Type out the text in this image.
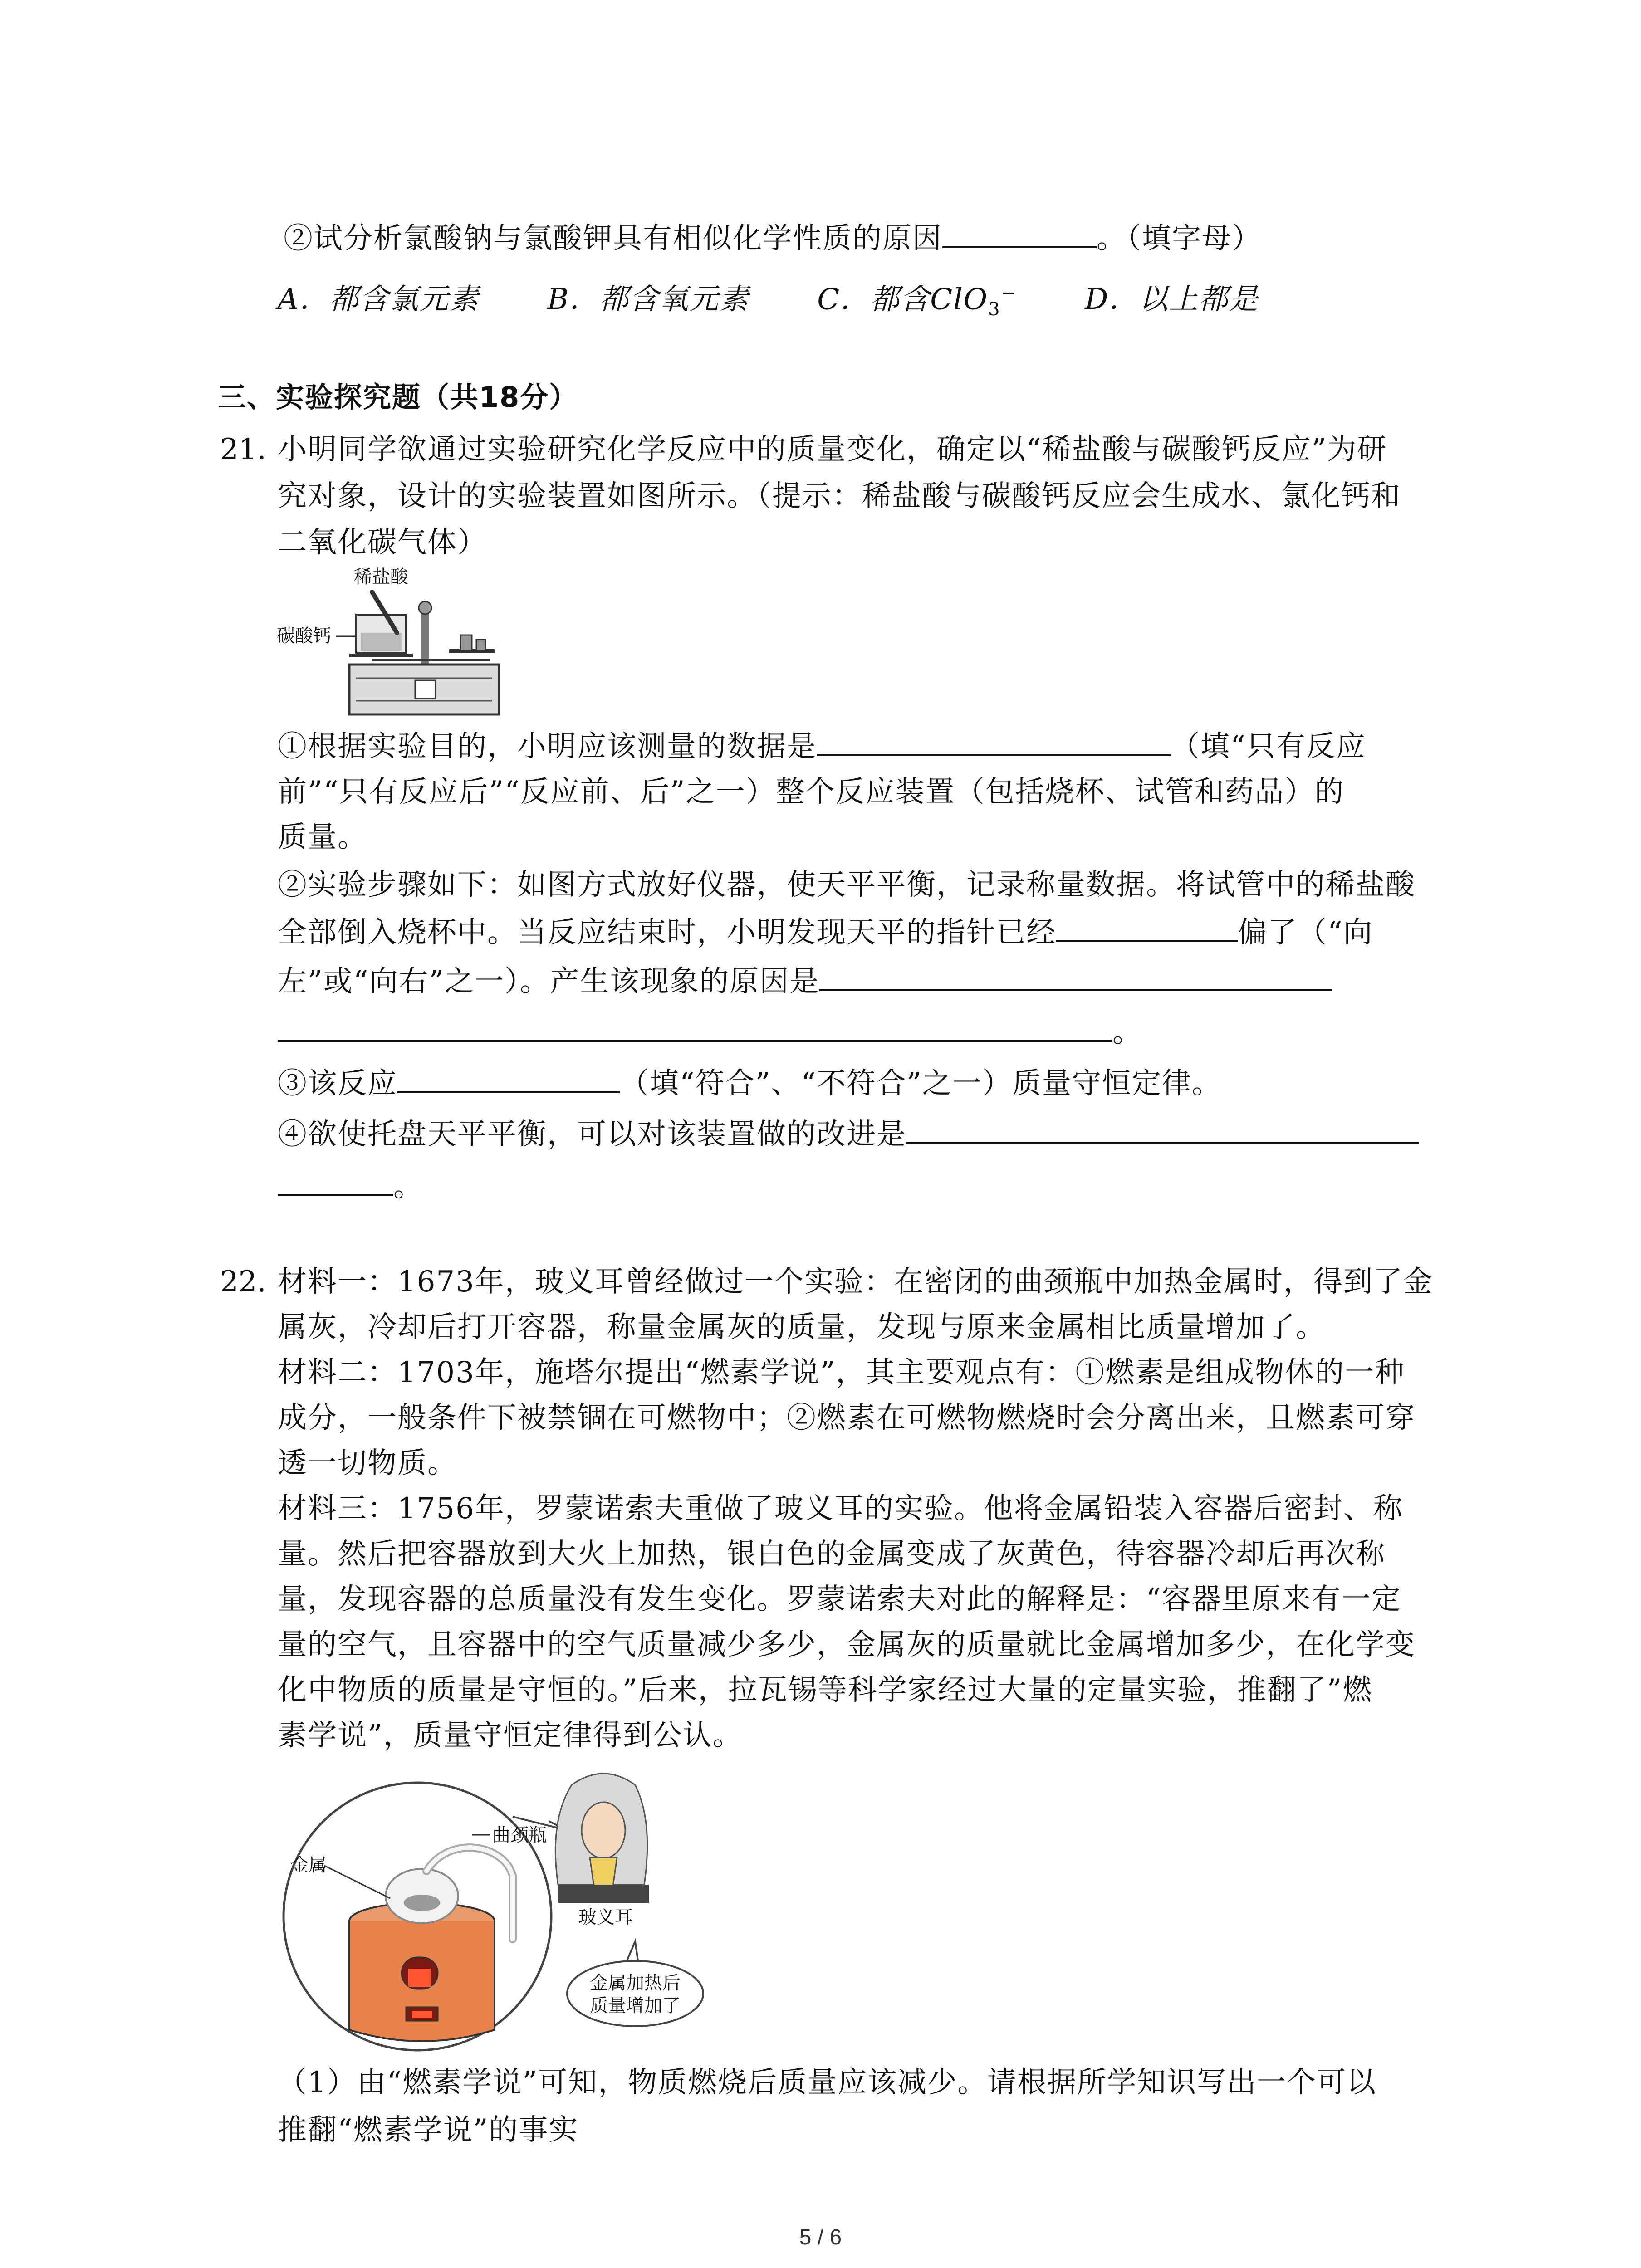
②试分析氯酸钠与氯酸钾具有相似化学性质的原因	。（填字母）
A．都含氯元素 B．都含氧元素 C．都含ClO$_3$− D．以上都是
三、实验探究题（共18分）
21. 小明同学欲通过实验研究化学反应中的质量变化，确定以“稀盐酸与碳酸钙反应”为研
究对象，设计的实验装置如图所示。（提示：稀盐酸与碳酸钙反应会生成水、氯化钙和
二氧化碳气体）
稀盐酸
碳酸钙
①根据实验目的，小明应该测量的数据是	（填“只有反应
前”“只有反应后”“反应前、后”之一）整个反应装置（包括烧杯、试管和药品）的
质量。
②实验步骤如下：如图方式放好仪器，使天平平衡，记录称量数据。将试管中的稀盐酸
全部倒入烧杯中。当反应结束时，小明发现天平的指针已经	偏了（“向
左”或“向右”之一）。产生该现象的原因是
。
③该反应	（填“符合”、“不符合”之一）质量守恒定律。
④欲使托盘天平平衡，可以对该装置做的改进是
。
22. 材料一：1673年，玻义耳曾经做过一个实验：在密闭的曲颈瓶中加热金属时，得到了金
属灰，冷却后打开容器，称量金属灰的质量，发现与原来金属相比质量增加了。
材料二：1703年，施塔尔提出“燃素学说”，其主要观点有：①燃素是组成物体的一种
成分，一般条件下被禁锢在可燃物中；②燃素在可燃物燃烧时会分离出来，且燃素可穿
透一切物质。
材料三：1756年，罗蒙诺索夫重做了玻义耳的实验。他将金属铅装入容器后密封、称
量。然后把容器放到大火上加热，银白色的金属变成了灰黄色，待容器冷却后再次称
量，发现容器的总质量没有发生变化。罗蒙诺索夫对此的解释是：“容器里原来有一定
量的空气，且容器中的空气质量减少多少，金属灰的质量就比金属增加多少，在化学变
化中物质的质量是守恒的。”后来，拉瓦锡等科学家经过大量的定量实验，推翻了”燃
素学说”，质量守恒定律得到公认。
曲颈瓶
金属
玻义耳
金属加热后
质量增加了
（1）由“燃素学说”可知，物质燃烧后质量应该减少。请根据所学知识写出一个可以
推翻“燃素学说”的事实
5 / 6
